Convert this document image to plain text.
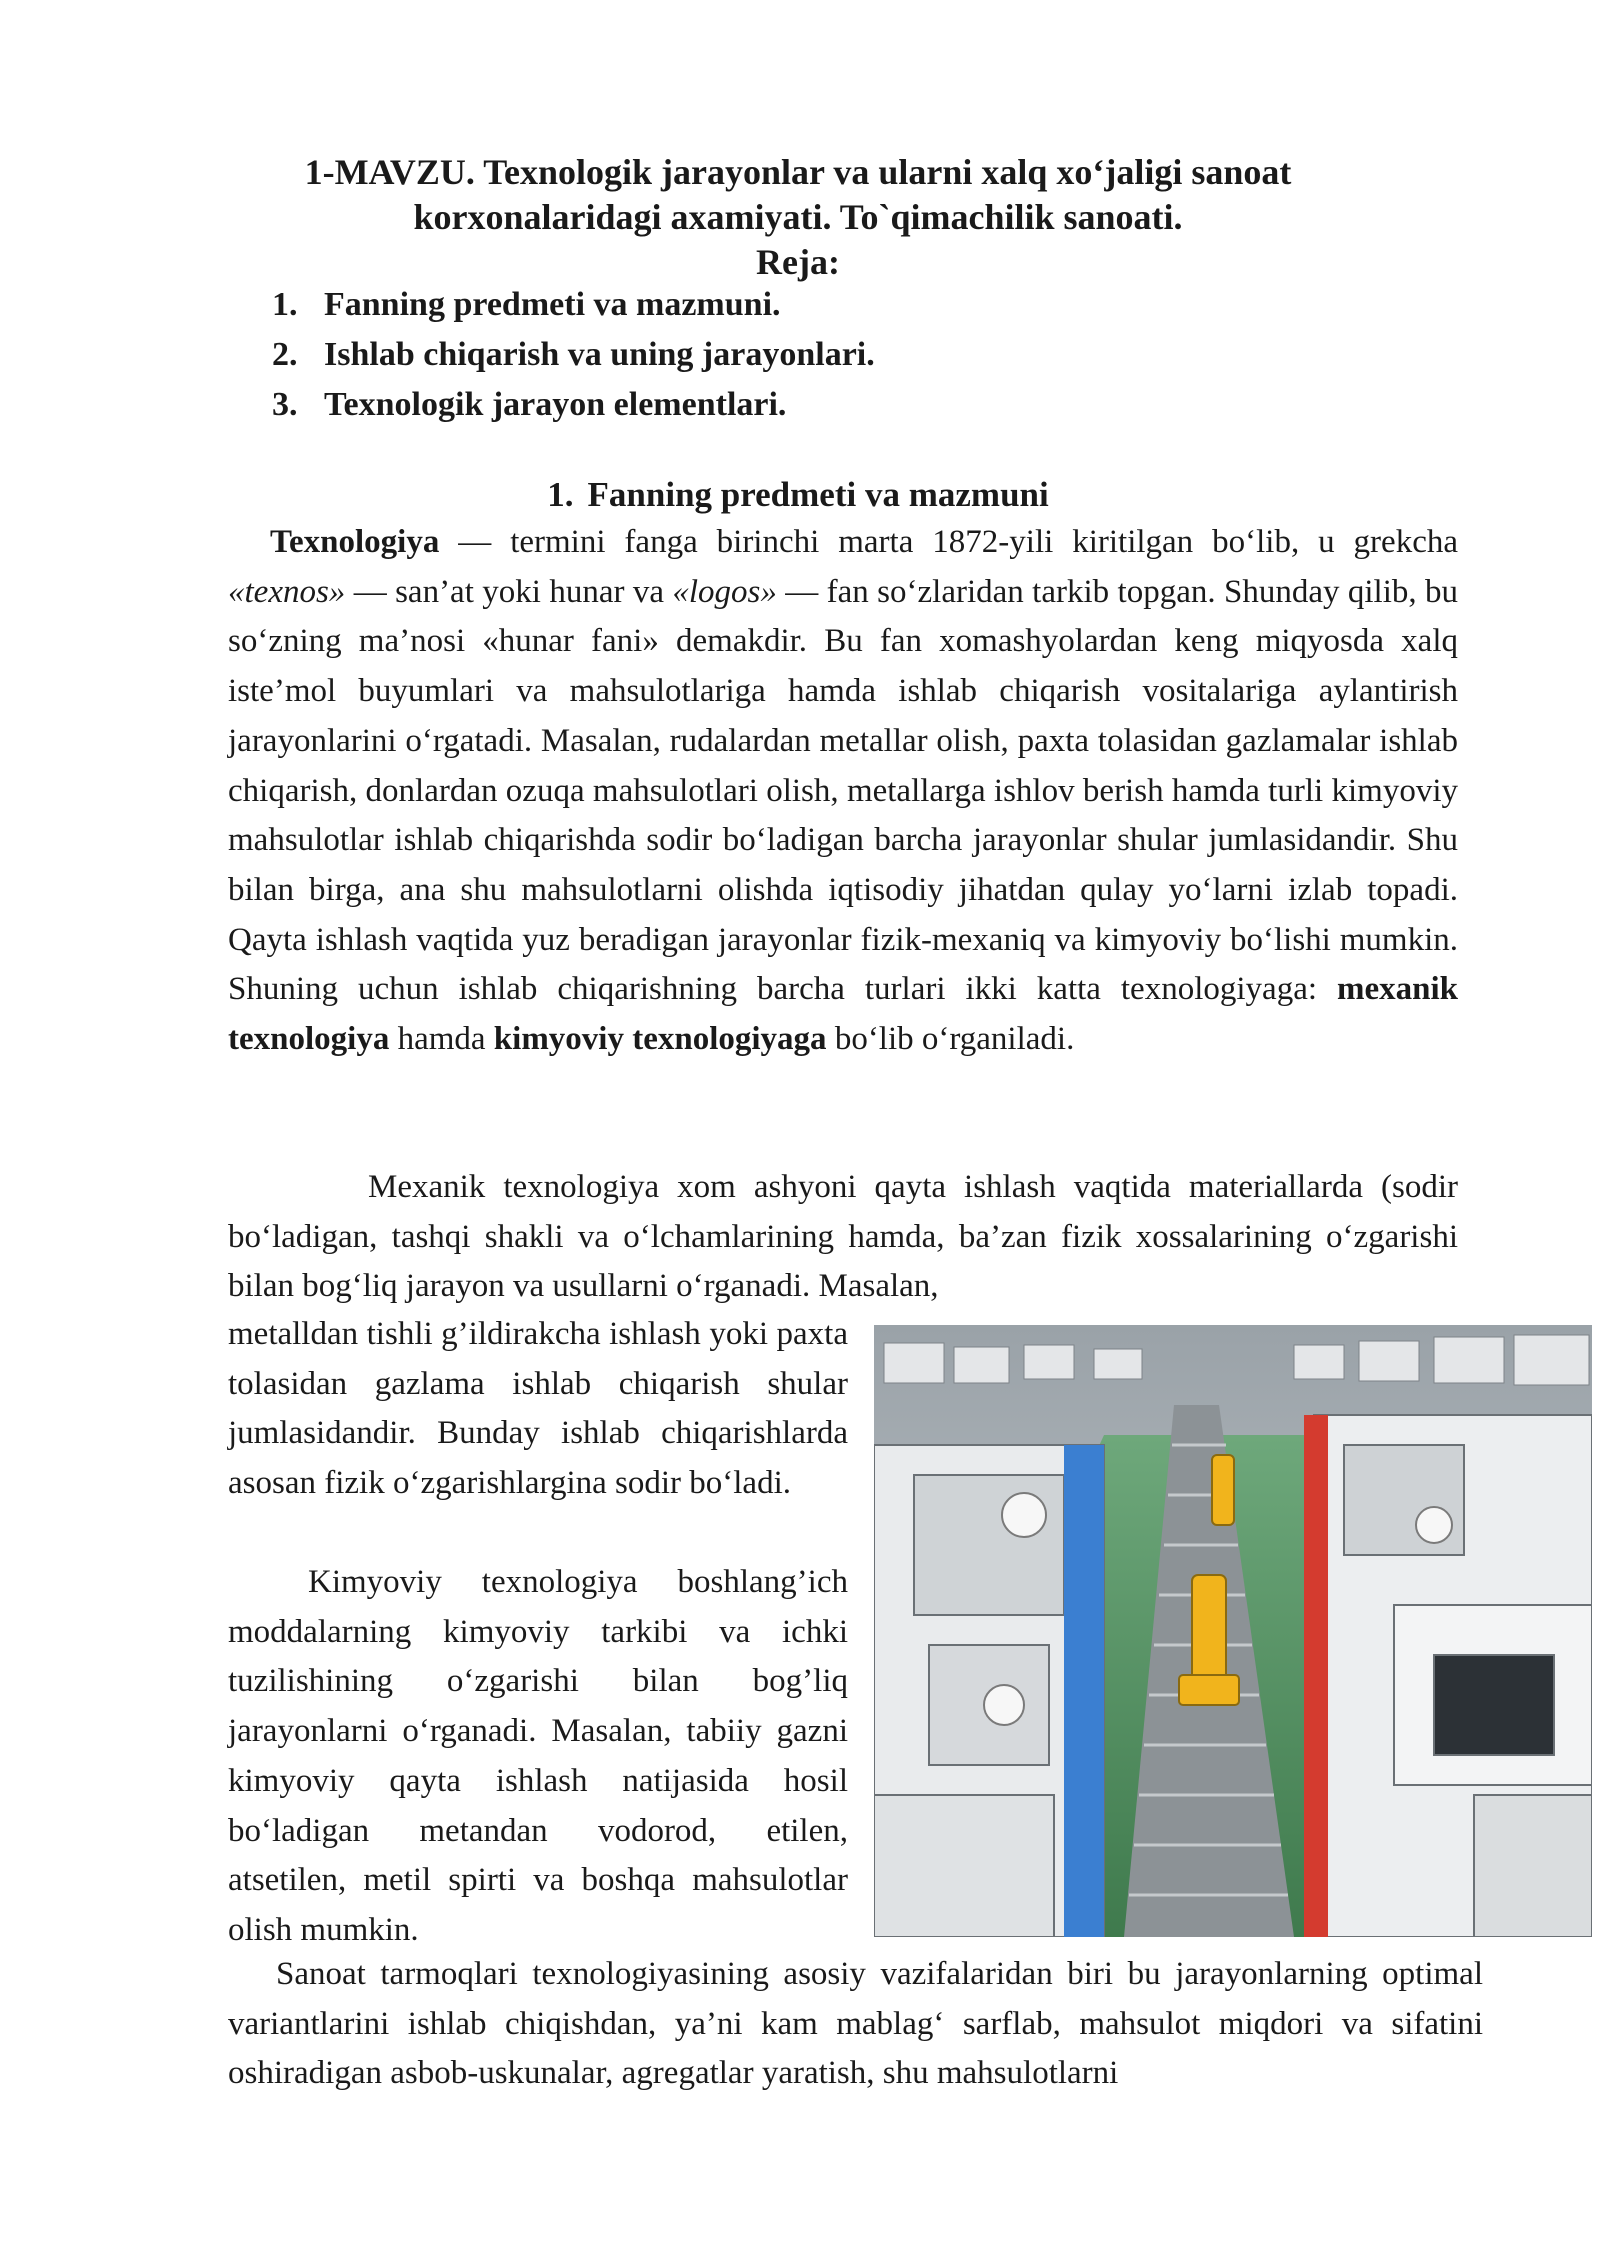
1-MAVZU. Texnologik jarayonlar va ularni xalq xo‘jaligi sanoat

korxonalaridagi axamiyati. To`qimachilik sanoati.

Reja:

1. Fanning predmeti va mazmuni.
2. Ishlab chiqarish va uning jarayonlari.
3. Texnologik jarayon elementlari.
1. Fanning predmeti va mazmuni

Texnologiya — termini fanga birinchi marta 1872-yili kiritilgan bo‘lib, u grekcha «texnos» — san’at yoki hunar va «logos» — fan so‘zlaridan tarkib topgan. Shunday qilib, bu so‘zning ma’nosi «hunar fani» demakdir. Bu fan xomashyolardan keng miqyosda xalq iste’mol buyumlari va mahsulotlariga hamda ishlab chiqarish vositalariga aylantirish jarayonlarini o‘rgatadi. Masalan, rudalardan metallar olish, paxta tolasidan gazlamalar ishlab chiqarish, donlardan ozuqa mahsulotlari olish, metallarga ishlov berish hamda turli kimyoviy mahsulotlar ishlab chiqarishda sodir bo‘ladigan barcha jarayonlar shular jumlasidandir. Shu bilan birga, ana shu mahsulotlarni olishda iqtisodiy jihatdan qulay yo‘larni izlab topadi. Qayta ishlash vaqtida yuz beradigan jarayonlar fizik-mexaniq va kimyoviy bo‘lishi mumkin. Shuning uchun ishlab chiqarishning barcha turlari ikki katta texnologiyaga: mexanik texnologiya hamda kimyoviy texnologiyaga bo‘lib o‘rganiladi.

Mexanik texnologiya xom ashyoni qayta ishlash vaqtida materiallarda (sodir bo‘ladigan, tashqi shakli va o‘lchamlarining hamda, ba’zan fizik xossalarining o‘zgarishi bilan bog‘liq jarayon va usullarni o‘rganadi. Masalan,

metalldan tishli g’ildirakcha ishlash yoki paxta tolasidan gazlama ishlab chiqarish shular jumlasidandir. Bunday ishlab chiqarishlarda asosan fizik o‘zgarishlargina sodir bo‘ladi.

Kimyoviy texnologiya boshlang’ich moddalarning kimyoviy tarkibi va ichki tuzilishining o‘zgarishi bilan bog’liq jarayonlarni o‘rganadi. Masalan, tabiiy gazni kimyoviy qayta ishlash natijasida hosil bo‘ladigan metandan vodorod, etilen, atsetilen, metil spirti va boshqa mahsulotlar olish mumkin.

Sanoat tarmoqlari texnologiyasining asosiy vazifalaridan biri bu jarayonlarning optimal variantlarini ishlab chiqishdan, ya’ni kam mablag‘ sarflab, mahsulot miqdori va sifatini oshiradigan asbob-uskunalar, agregatlar yaratish, shu mahsulotlarni
